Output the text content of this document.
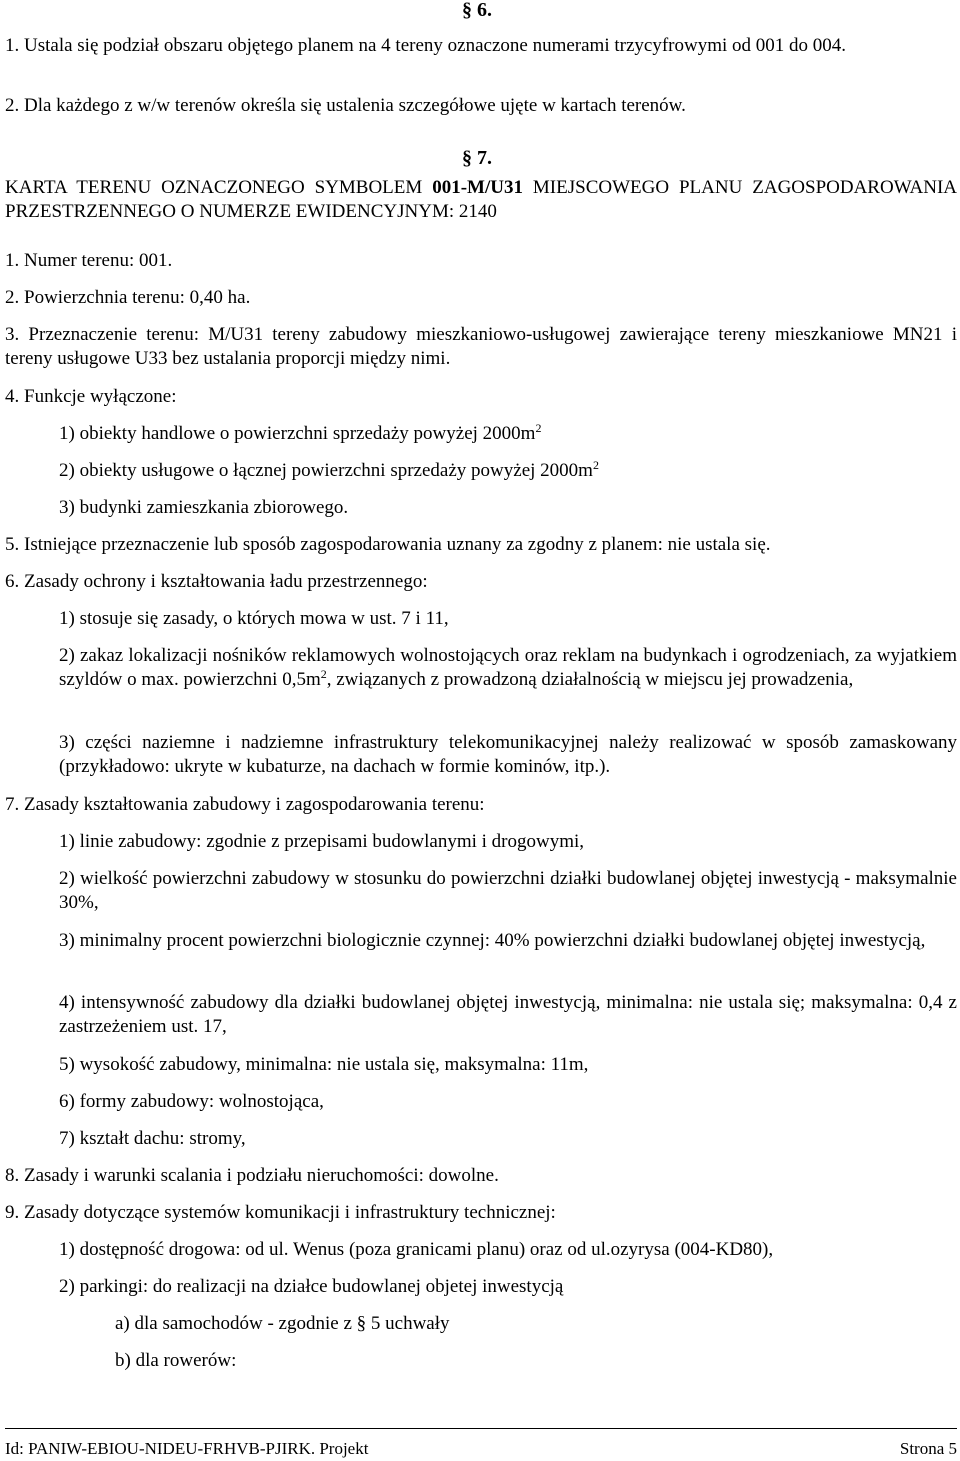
§ 6.
1. Ustala się podział obszaru objętego planem na 4 tereny oznaczone numerami trzycyfrowymi od 001 do 004.
2. Dla każdego z w/w terenów określa się ustalenia szczegółowe ujęte w kartach terenów.
§ 7.
KARTA TERENU OZNACZONEGO SYMBOLEM 001-M/U31 MIEJSCOWEGO PLANU ZAGOSPODAROWANIA PRZESTRZENNEGO O NUMERZE EWIDENCYJNYM: 2140
1. Numer terenu: 001.
2. Powierzchnia terenu: 0,40 ha.
3. Przeznaczenie terenu: M/U31 tereny zabudowy mieszkaniowo-usługowej zawierające tereny mieszkaniowe MN21 i tereny usługowe U33 bez ustalania proporcji między nimi.
4. Funkcje wyłączone:
1) obiekty handlowe o powierzchni sprzedaży powyżej $2000m^2$
2) obiekty usługowe o łącznej powierzchni sprzedaży powyżej $2000m^2$
3) budynki zamieszkania zbiorowego.
5. Istniejące przeznaczenie lub sposób zagospodarowania uznany za zgodny z planem: nie ustala się.
6. Zasady ochrony i kształtowania ładu przestrzennego:
1) stosuje się zasady, o których mowa w ust. 7 i 11,
2) zakaz lokalizacji nośników reklamowych wolnostojących oraz reklam na budynkach i ogrodzeniach, za wyjatkiem szyldów o max. powierzchni $0,5m^2$, związanych z prowadzoną działalnością w miejscu jej prowadzenia,
3) części naziemne i nadziemne infrastruktury telekomunikacyjnej należy realizować w sposób zamaskowany (przykładowo: ukryte w kubaturze, na dachach w formie kominów, itp.).
7. Zasady kształtowania zabudowy i zagospodarowania terenu:
1) linie zabudowy: zgodnie z przepisami budowlanymi i drogowymi,
2) wielkość powierzchni zabudowy w stosunku do powierzchni działki budowlanej objętej inwestycją - maksymalnie 30%,
3) minimalny procent powierzchni biologicznie czynnej: 40% powierzchni działki budowlanej objętej inwestycją,
4) intensywność zabudowy dla działki budowlanej objętej inwestycją, minimalna: nie ustala się; maksymalna: 0,4 z zastrzeżeniem ust. 17,
5) wysokość zabudowy, minimalna: nie ustala się, maksymalna: 11m,
6) formy zabudowy: wolnostojąca,
7) kształt dachu: stromy,
8. Zasady i warunki scalania i podziału nieruchomości: dowolne.
9. Zasady dotyczące systemów komunikacji i infrastruktury technicznej:
1) dostępność drogowa: od ul. Wenus (poza granicami planu) oraz od ul.ozyrysa (004-KD80),
2) parkingi: do realizacji na działce budowlanej objetej inwestycją
a) dla samochodów - zgodnie z § 5 uchwały
b) dla rowerów:
Id: PANIW-EBIOU-NIDEU-FRHVB-PJIRK. Projekt	Strona 5
